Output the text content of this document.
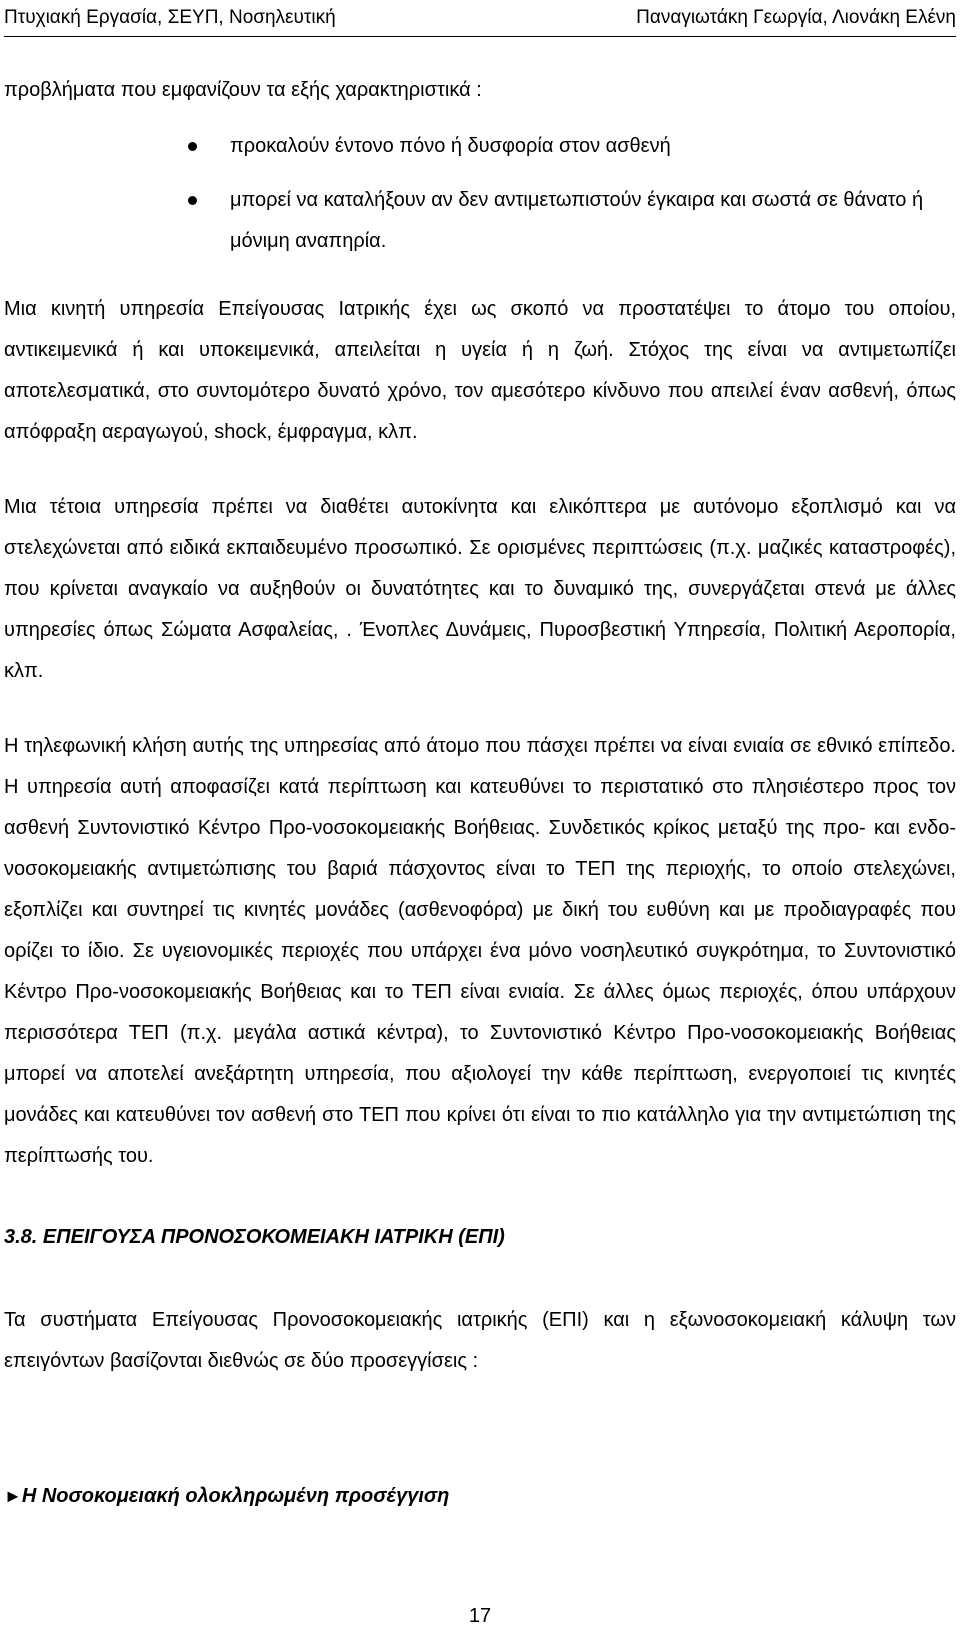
Πτυχιακή Εργασία, ΣΕΥΠ, Νοσηλευτική	Παναγιωτάκη Γεωργία, Λιονάκη Ελένη

προβλήματα που εμφανίζουν τα εξής χαρακτηριστικά :

προκαλούν έντονο πόνο ή δυσφορία στον ασθενή
μπορεί να καταλήξουν αν δεν αντιμετωπιστούν έγκαιρα και σωστά σε θάνατο ή μόνιμη αναπηρία.

Μια κινητή υπηρεσία Επείγουσας Ιατρικής έχει ως σκοπό να προστατέψει το άτομο του οποίου, αντικειμενικά ή και υποκειμενικά, απειλείται η υγεία ή η ζωή. Στόχος της είναι να αντιμετωπίζει αποτελεσματικά, στο συντομότερο δυνατό χρόνο, τον αμεσότερο κίνδυνο που απειλεί έναν ασθενή, όπως απόφραξη αεραγωγού, shock, έμφραγμα, κλπ.

Μια τέτοια υπηρεσία πρέπει να διαθέτει αυτοκίνητα και ελικόπτερα με αυτόνομο εξοπλισμό και να στελεχώνεται από ειδικά εκπαιδευμένο προσωπικό. Σε ορισμένες περιπτώσεις (π.χ. μαζικές καταστροφές), που κρίνεται αναγκαίο να αυξηθούν οι δυνατότητες και το δυναμικό της, συνεργάζεται στενά με άλλες υπηρεσίες όπως Σώματα Ασφαλείας, . Ένοπλες Δυνάμεις, Πυροσβεστική Υπηρεσία, Πολιτική Αεροπορία, κλπ.

Η τηλεφωνική κλήση αυτής της υπηρεσίας από άτομο που πάσχει πρέπει να είναι ενιαία σε εθνικό επίπεδο. Η υπηρεσία αυτή αποφασίζει κατά περίπτωση και κατευθύνει το περιστατικό στο πλησιέστερο προς τον ασθενή Συντονιστικό Κέντρο Προ-νοσοκομειακής Βοήθειας. Συνδετικός κρίκος μεταξύ της προ- και ενδο-νοσοκομειακής αντιμετώπισης του βαριά πάσχοντος είναι το ΤΕΠ της περιοχής, το οποίο στελεχώνει, εξοπλίζει και συντηρεί τις κινητές μονάδες (ασθενοφόρα) με δική του ευθύνη και με προδιαγραφές που ορίζει το ίδιο. Σε υγειονομικές περιοχές που υπάρχει ένα μόνο νοσηλευτικό συγκρότημα, το Συντονιστικό Κέντρο Προ-νοσοκομειακής Βοήθειας και το ΤΕΠ είναι ενιαία. Σε άλλες όμως περιοχές, όπου υπάρχουν περισσότερα ΤΕΠ (π.χ. μεγάλα αστικά κέντρα), το Συντονιστικό Κέντρο Προ-νοσοκομειακής Βοήθειας μπορεί να αποτελεί ανεξάρτητη υπηρεσία, που αξιολογεί την κάθε περίπτωση, ενεργοποιεί τις κινητές μονάδες και κατευθύνει τον ασθενή στο ΤΕΠ που κρίνει ότι είναι το πιο κατάλληλο για την αντιμετώπιση της περίπτωσής του.

3.8. ΕΠΕΙΓΟΥΣΑ ΠΡΟΝΟΣΟΚΟΜΕΙΑΚΗ ΙΑΤΡΙΚΗ (ΕΠΙ)

Τα συστήματα Επείγουσας Προνοσοκομειακής ιατρικής (ΕΠΙ) και η εξωνοσοκομειακή κάλυψη των επειγόντων βασίζονται διεθνώς σε δύο προσεγγίσεις :

►Η Νοσοκομειακή ολοκληρωμένη προσέγγιση
17
